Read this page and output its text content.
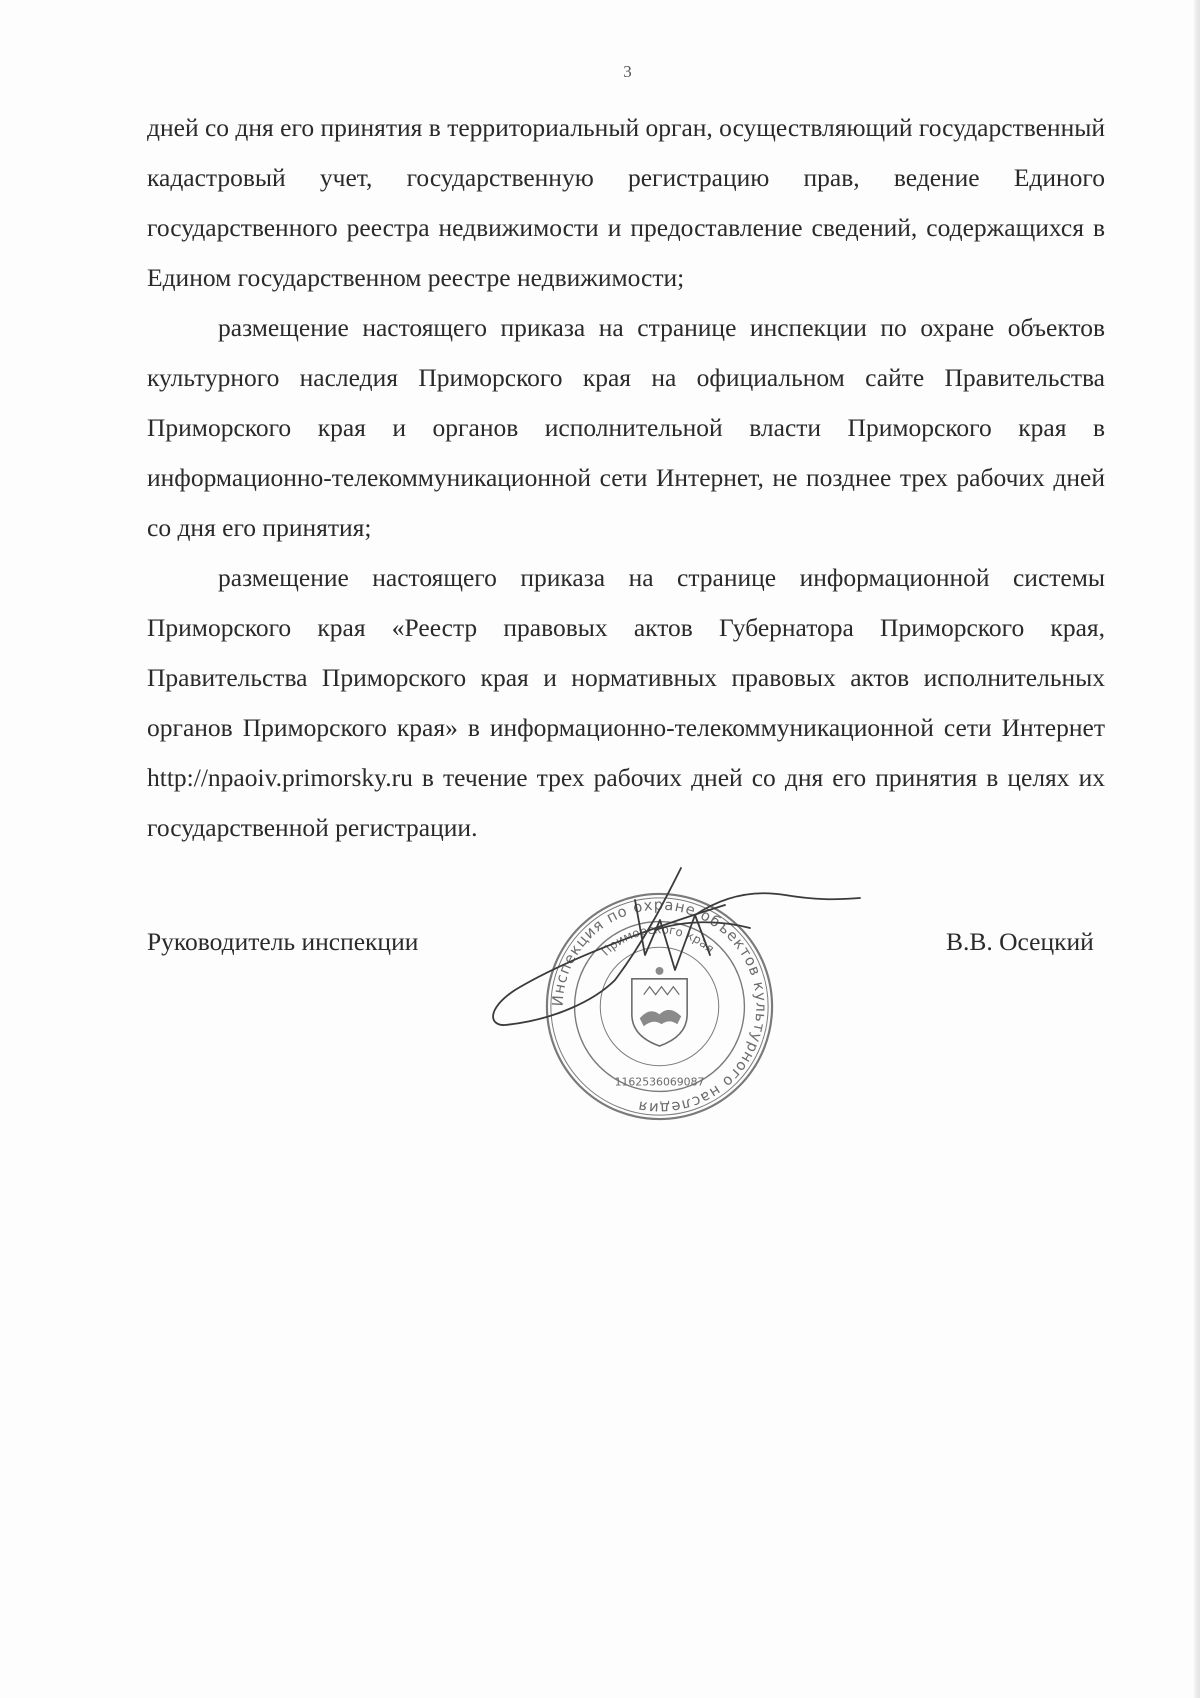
3

дней со дня его принятия в территориальный орган, осуществляющий государственный кадастровый учет, государственную регистрацию прав, ведение Единого государственного реестра недвижимости и предоставление сведений, содержащихся в Едином государственном реестре недвижимости;

размещение настоящего приказа на странице инспекции по охране объектов культурного наследия Приморского края на официальном сайте Правительства Приморского края и органов исполнительной власти Приморского края в информационно-телекоммуникационной сети Интернет, не позднее трех рабочих дней со дня его принятия;

размещение настоящего приказа на странице информационной системы Приморского края «Реестр правовых актов Губернатора Приморского края, Правительства Приморского края и нормативных правовых актов исполнительных органов Приморского края» в информационно-телекоммуникационной сети Интернет http://npaoiv.primorsky.ru в течение трех рабочих дней со дня его принятия в целях их государственной регистрации.

Руководитель инспекции	В.В. Осецкий
Инспекция по охране объектов культурного наследия
Приморского края
1162536069087
